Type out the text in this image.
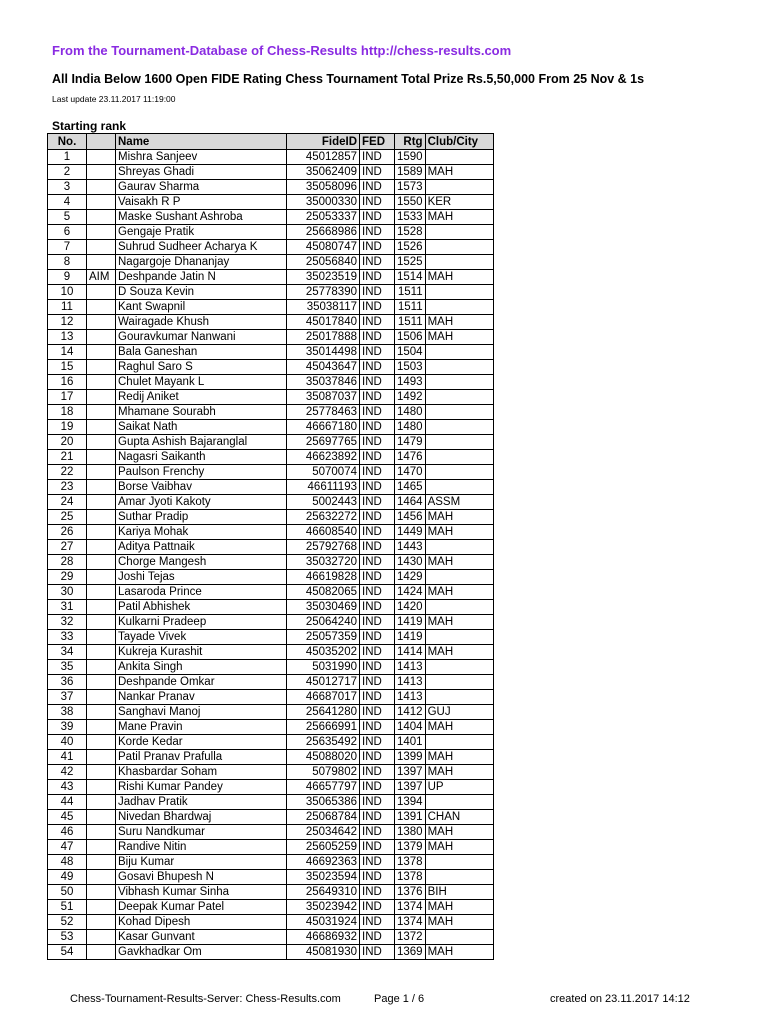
From the Tournament-Database of Chess-Results http://chess-results.com
All India Below 1600 Open FIDE Rating Chess Tournament Total Prize Rs.5,50,000 From 25 Nov & 1s
Last update 23.11.2017 11:19:00
Starting rank
No.		Name	FideID	FED	Rtg	Club/City
1		Mishra Sanjeev	45012857	IND	1590	
2		Shreyas Ghadi	35062409	IND	1589	MAH
3		Gaurav Sharma	35058096	IND	1573	
4		Vaisakh R P	35000330	IND	1550	KER
5		Maske Sushant Ashroba	25053337	IND	1533	MAH
6		Gengaje Pratik	25668986	IND	1528	
7		Suhrud Sudheer Acharya K	45080747	IND	1526	
8		Nagargoje Dhananjay	25056840	IND	1525	
9	AIM	Deshpande Jatin N	35023519	IND	1514	MAH
10		D Souza Kevin	25778390	IND	1511	
11		Kant Swapnil	35038117	IND	1511	
12		Wairagade Khush	45017840	IND	1511	MAH
13		Gouravkumar Nanwani	25017888	IND	1506	MAH
14		Bala Ganeshan	35014498	IND	1504	
15		Raghul Saro S	45043647	IND	1503	
16		Chulet Mayank L	35037846	IND	1493	
17		Redij Aniket	35087037	IND	1492	
18		Mhamane Sourabh	25778463	IND	1480	
19		Saikat Nath	46667180	IND	1480	
20		Gupta Ashish Bajaranglal	25697765	IND	1479	
21		Nagasri Saikanth	46623892	IND	1476	
22		Paulson Frenchy	5070074	IND	1470	
23		Borse Vaibhav	46611193	IND	1465	
24		Amar Jyoti Kakoty	5002443	IND	1464	ASSM
25		Suthar Pradip	25632272	IND	1456	MAH
26		Kariya Mohak	46608540	IND	1449	MAH
27		Aditya Pattnaik	25792768	IND	1443	
28		Chorge Mangesh	35032720	IND	1430	MAH
29		Joshi Tejas	46619828	IND	1429	
30		Lasaroda Prince	45082065	IND	1424	MAH
31		Patil Abhishek	35030469	IND	1420	
32		Kulkarni Pradeep	25064240	IND	1419	MAH
33		Tayade Vivek	25057359	IND	1419	
34		Kukreja Kurashit	45035202	IND	1414	MAH
35		Ankita Singh	5031990	IND	1413	
36		Deshpande Omkar	45012717	IND	1413	
37		Nankar Pranav	46687017	IND	1413	
38		Sanghavi Manoj	25641280	IND	1412	GUJ
39		Mane Pravin	25666991	IND	1404	MAH
40		Korde Kedar	25635492	IND	1401	
41		Patil Pranav Prafulla	45088020	IND	1399	MAH
42		Khasbardar Soham	5079802	IND	1397	MAH
43		Rishi Kumar Pandey	46657797	IND	1397	UP
44		Jadhav Pratik	35065386	IND	1394	
45		Nivedan Bhardwaj	25068784	IND	1391	CHAN
46		Suru Nandkumar	25034642	IND	1380	MAH
47		Randive Nitin	25605259	IND	1379	MAH
48		Biju Kumar	46692363	IND	1378	
49		Gosavi Bhupesh N	35023594	IND	1378	
50		Vibhash Kumar Sinha	25649310	IND	1376	BIH
51		Deepak Kumar Patel	35023942	IND	1374	MAH
52		Kohad Dipesh	45031924	IND	1374	MAH
53		Kasar Gunvant	46686932	IND	1372	
54		Gavkhadkar Om	45081930	IND	1369	MAH
Chess-Tournament-Results-Server: Chess-Results.com	Page 1 / 6	created on 23.11.2017 14:12
